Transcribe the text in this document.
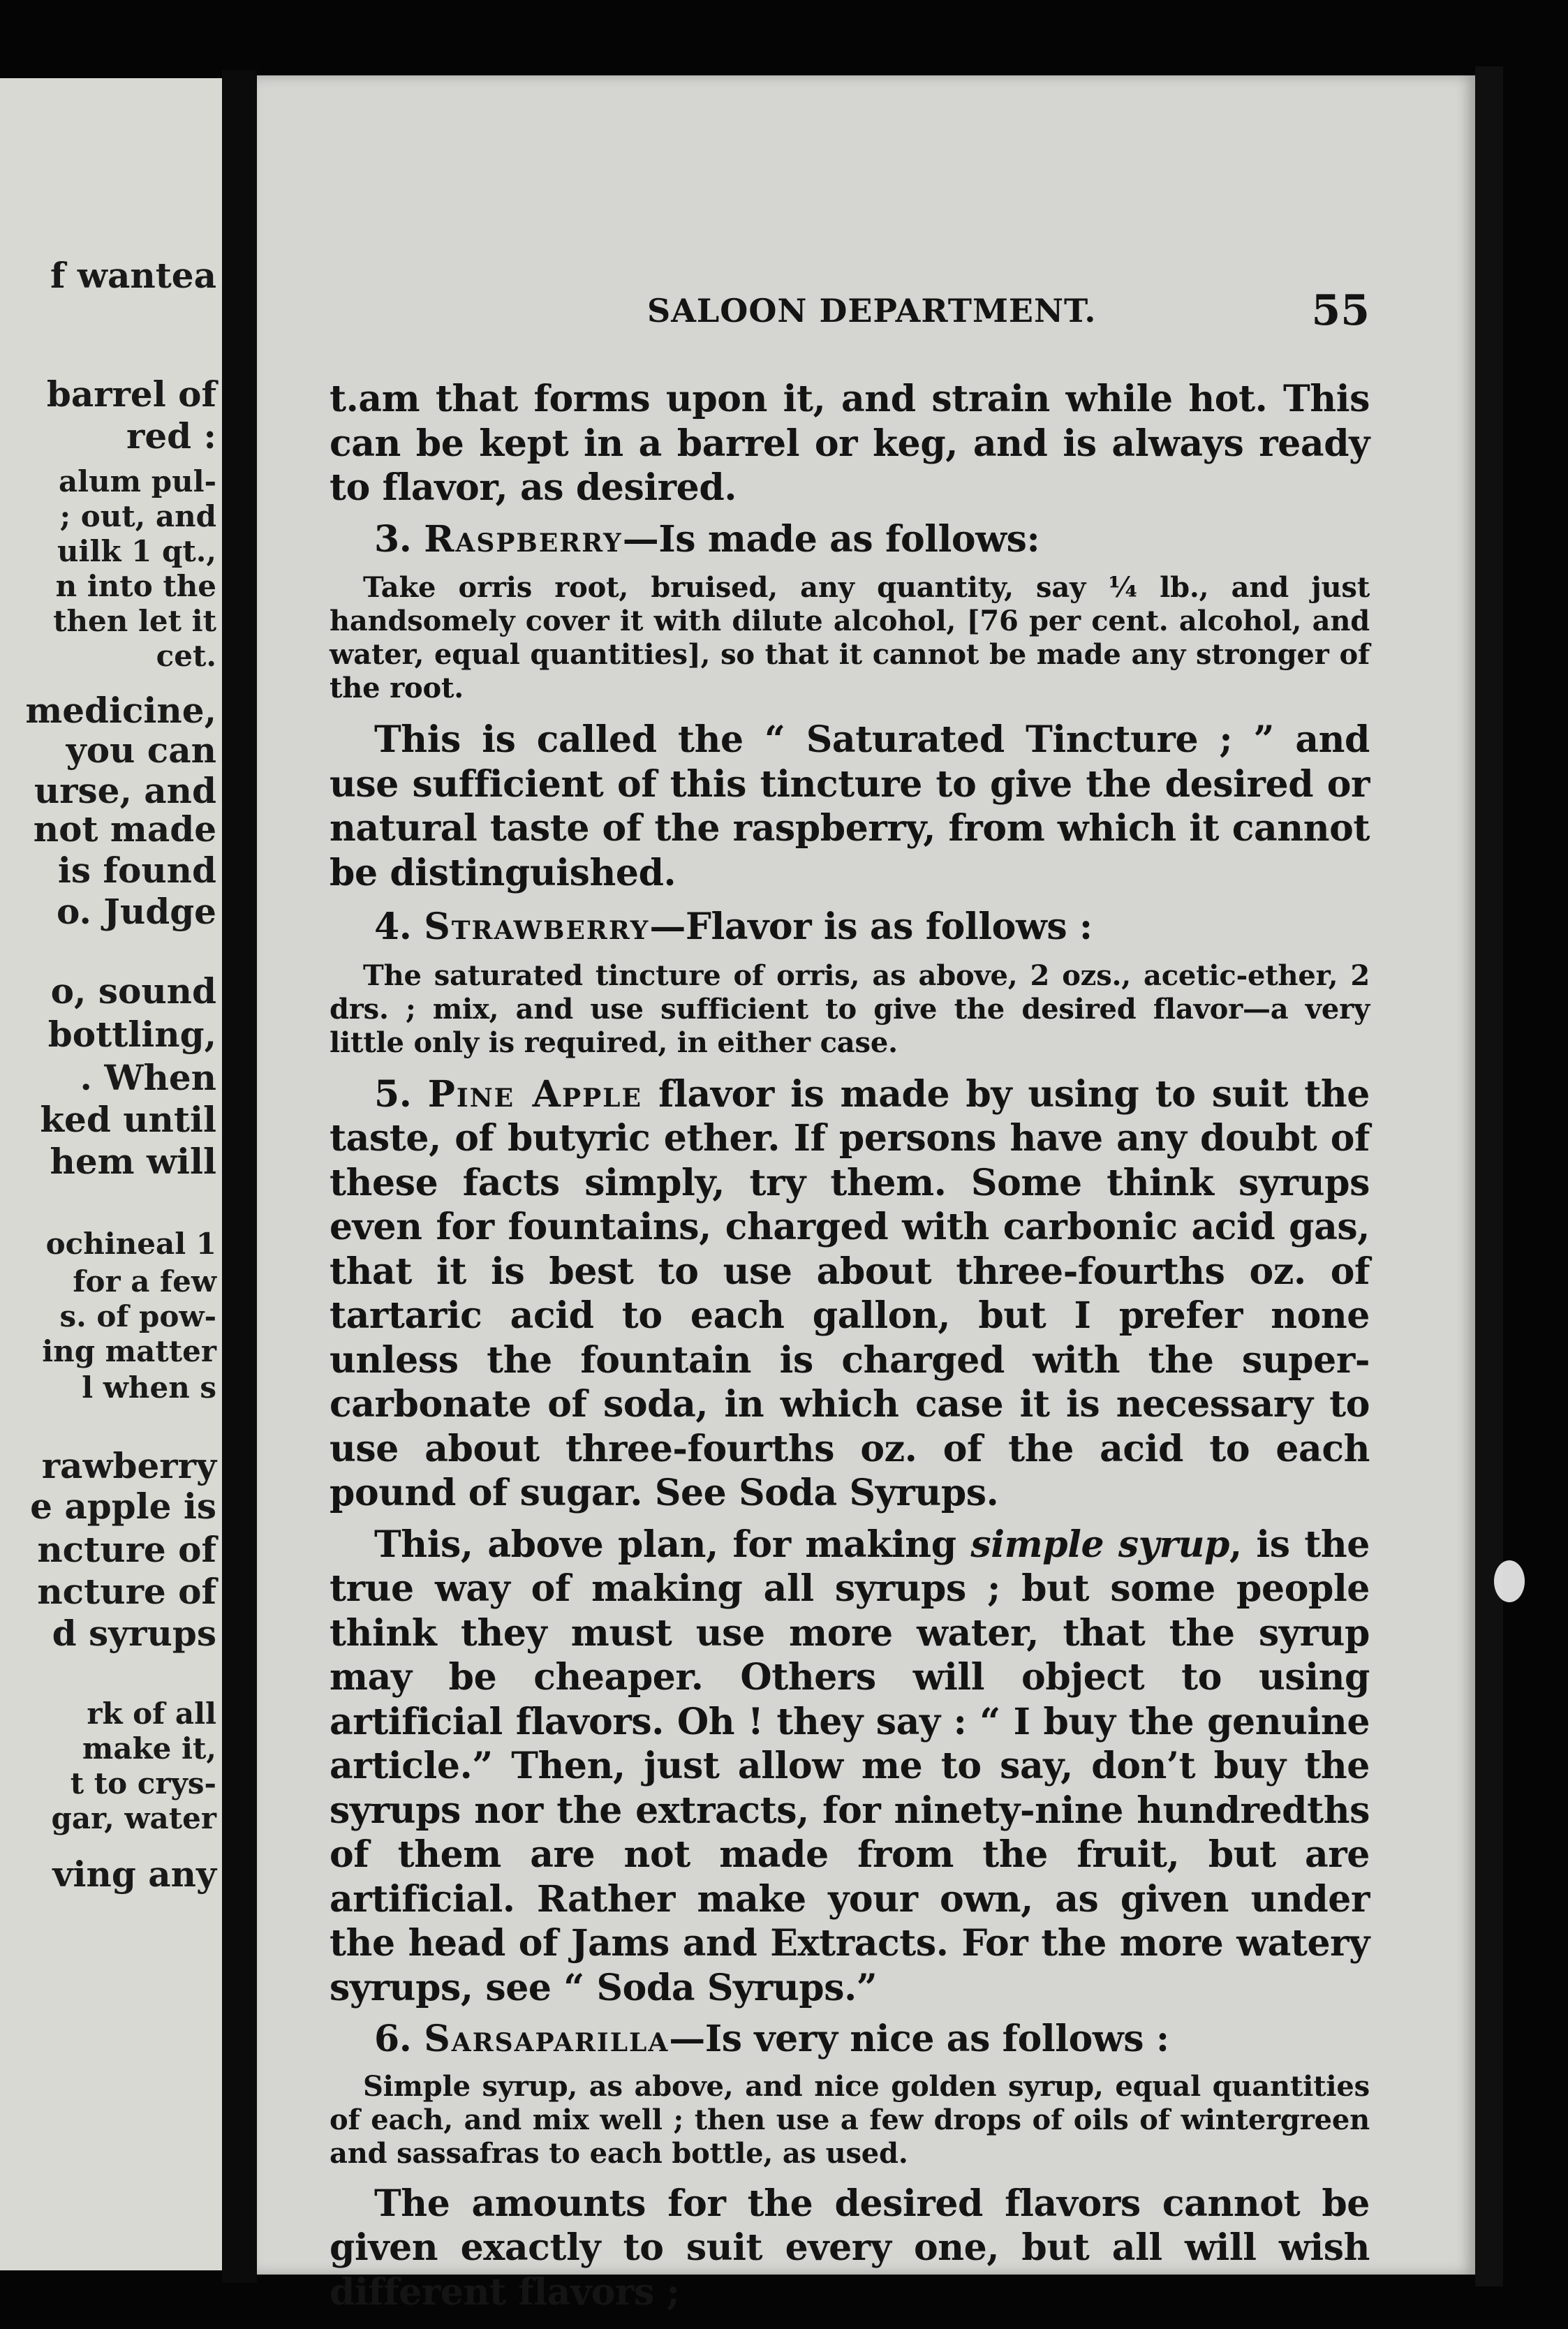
f wantea
barrel of
red :
alum pul-
; out, and
uilk 1 qt.,
n into the
then let it
cet.
medicine,
you can
urse, and
not made
is found
o. Judge
o, sound
bottling,
. When
ked until
hem will
ochineal 1
for a few
s. of pow-
ing matter
l when s
rawberry
e apple is
ncture of
ncture of
d syrups
rk of all
make it,
t to crys-
gar, water
ving any
SALOON DEPARTMENT.	55

t.am that forms upon it, and strain while hot. This can be kept in a barrel or keg, and is always ready to flavor, as desired.

3. Raspberry—Is made as follows:

Take orris root, bruised, any quantity, say ¼ lb., and just handsomely cover it with dilute alcohol, [76 per cent. alcohol, and water, equal quantities], so that it cannot be made any stronger of the root.

This is called the “ Saturated Tincture ; ” and use sufficient of this tincture to give the desired or natural taste of the raspberry, from which it cannot be distinguished.

4. Strawberry—Flavor is as follows :

The saturated tincture of orris, as above, 2 ozs., acetic-ether, 2 drs. ; mix, and use sufficient to give the desired flavor—a very little only is required, in either case.

5. Pine Apple flavor is made by using to suit the taste, of butyric ether. If persons have any doubt of these facts simply, try them. Some think syrups even for fountains, charged with carbonic acid gas, that it is best to use about three-fourths oz. of tartaric acid to each gallon, but I prefer none unless the fountain is charged with the super-carbonate of soda, in which case it is necessary to use about three-fourths oz. of the acid to each pound of sugar. See Soda Syrups.

This, above plan, for making simple syrup, is the true way of making all syrups ; but some people think they must use more water, that the syrup may be cheaper. Others will object to using artificial flavors. Oh ! they say : “ I buy the genuine article.” Then, just allow me to say, don’t buy the syrups nor the extracts, for ninety-nine hundredths of them are not made from the fruit, but are artificial. Rather make your own, as given under the head of Jams and Extracts. For the more watery syrups, see “ Soda Syrups.”

6. Sarsaparilla—Is very nice as follows :

Simple syrup, as above, and nice golden syrup, equal quantities of each, and mix well ; then use a few drops of oils of wintergreen and sassafras to each bottle, as used.

The amounts for the desired flavors cannot be given exactly to suit every one, but all will wish different flavors ;
